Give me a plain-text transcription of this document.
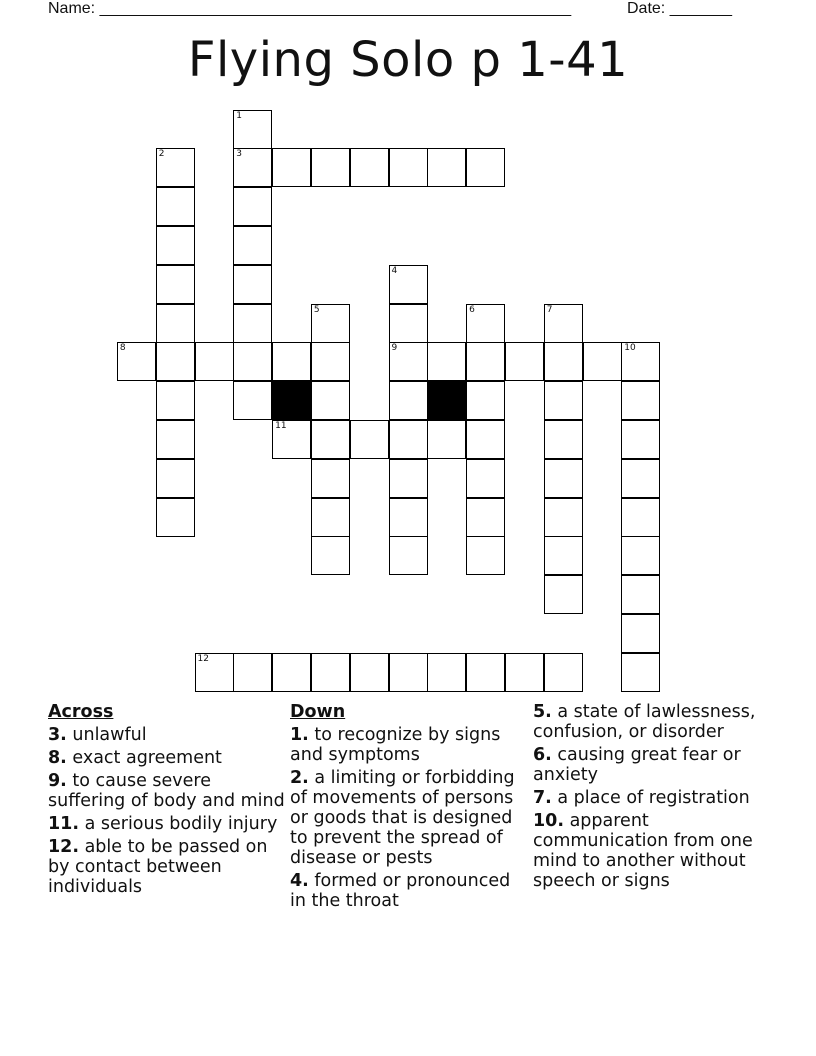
Name: _____________________________________________________	Date: _______
Flying Solo p 1-41
1
2	3
4
5	6	7
8	9	10
11
12
Across
3. unlawful
8. exact agreement
9. to cause severe suffering of body and mind
11. a serious bodily injury
12. able to be passed on by contact between individuals
Down
1. to recognize by signs and symptoms
2. a limiting or forbidding of movements of persons or goods that is designed to prevent the spread of disease or pests
4. formed or pronounced in the throat
5. a state of lawlessness, confusion, or disorder
6. causing great fear or anxiety
7. a place of registration
10. apparent communication from one mind to another without speech or signs
